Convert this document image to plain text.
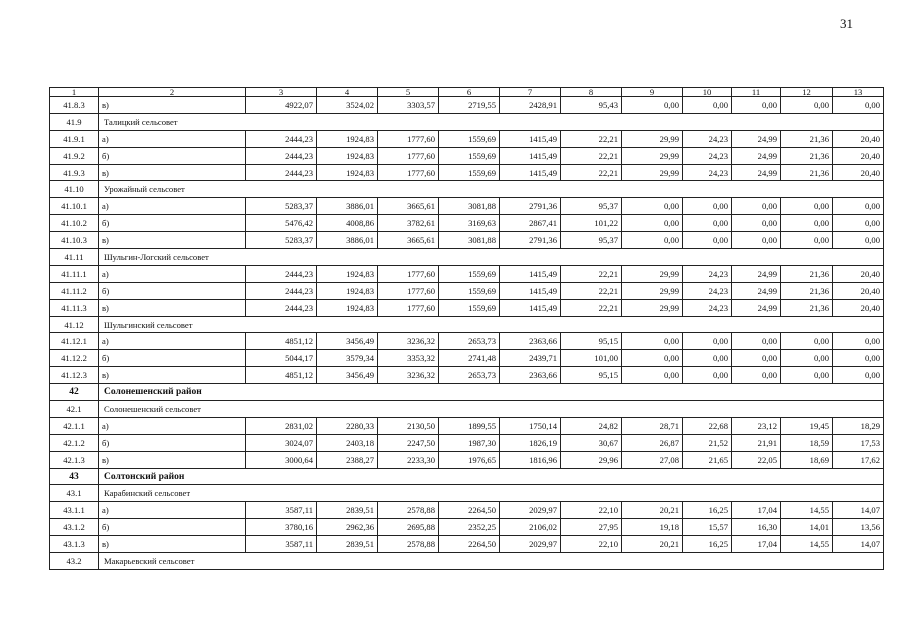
31
1	2	3	4	5	6	7	8	9	10	11	12	13
41.8.3	в)	4922,07	3524,02	3303,57	2719,55	2428,91	95,43	0,00	0,00	0,00	0,00	0,00
41.9	Талицкий сельсовет											
41.9.1	а)	2444,23	1924,83	1777,60	1559,69	1415,49	22,21	29,99	24,23	24,99	21,36	20,40
41.9.2	б)	2444,23	1924,83	1777,60	1559,69	1415,49	22,21	29,99	24,23	24,99	21,36	20,40
41.9.3	в)	2444,23	1924,83	1777,60	1559,69	1415,49	22,21	29,99	24,23	24,99	21,36	20,40
41.10	Урожайный сельсовет											
41.10.1	а)	5283,37	3886,01	3665,61	3081,88	2791,36	95,37	0,00	0,00	0,00	0,00	0,00
41.10.2	б)	5476,42	4008,86	3782,61	3169,63	2867,41	101,22	0,00	0,00	0,00	0,00	0,00
41.10.3	в)	5283,37	3886,01	3665,61	3081,88	2791,36	95,37	0,00	0,00	0,00	0,00	0,00
41.11	Шульгин-Логский сельсовет											
41.11.1	а)	2444,23	1924,83	1777,60	1559,69	1415,49	22,21	29,99	24,23	24,99	21,36	20,40
41.11.2	б)	2444,23	1924,83	1777,60	1559,69	1415,49	22,21	29,99	24,23	24,99	21,36	20,40
41.11.3	в)	2444,23	1924,83	1777,60	1559,69	1415,49	22,21	29,99	24,23	24,99	21,36	20,40
41.12	Шульгинский сельсовет											
41.12.1	а)	4851,12	3456,49	3236,32	2653,73	2363,66	95,15	0,00	0,00	0,00	0,00	0,00
41.12.2	б)	5044,17	3579,34	3353,32	2741,48	2439,71	101,00	0,00	0,00	0,00	0,00	0,00
41.12.3	в)	4851,12	3456,49	3236,32	2653,73	2363,66	95,15	0,00	0,00	0,00	0,00	0,00
42	Солонешенский район											
42.1	Солонешенский сельсовет											
42.1.1	а)	2831,02	2280,33	2130,50	1899,55	1750,14	24,82	28,71	22,68	23,12	19,45	18,29
42.1.2	б)	3024,07	2403,18	2247,50	1987,30	1826,19	30,67	26,87	21,52	21,91	18,59	17,53
42.1.3	в)	3000,64	2388,27	2233,30	1976,65	1816,96	29,96	27,08	21,65	22,05	18,69	17,62
43	Солтонский район											
43.1	Карабинский сельсовет											
43.1.1	а)	3587,11	2839,51	2578,88	2264,50	2029,97	22,10	20,21	16,25	17,04	14,55	14,07
43.1.2	б)	3780,16	2962,36	2695,88	2352,25	2106,02	27,95	19,18	15,57	16,30	14,01	13,56
43.1.3	в)	3587,11	2839,51	2578,88	2264,50	2029,97	22,10	20,21	16,25	17,04	14,55	14,07
43.2	Макарьевский сельсовет											
